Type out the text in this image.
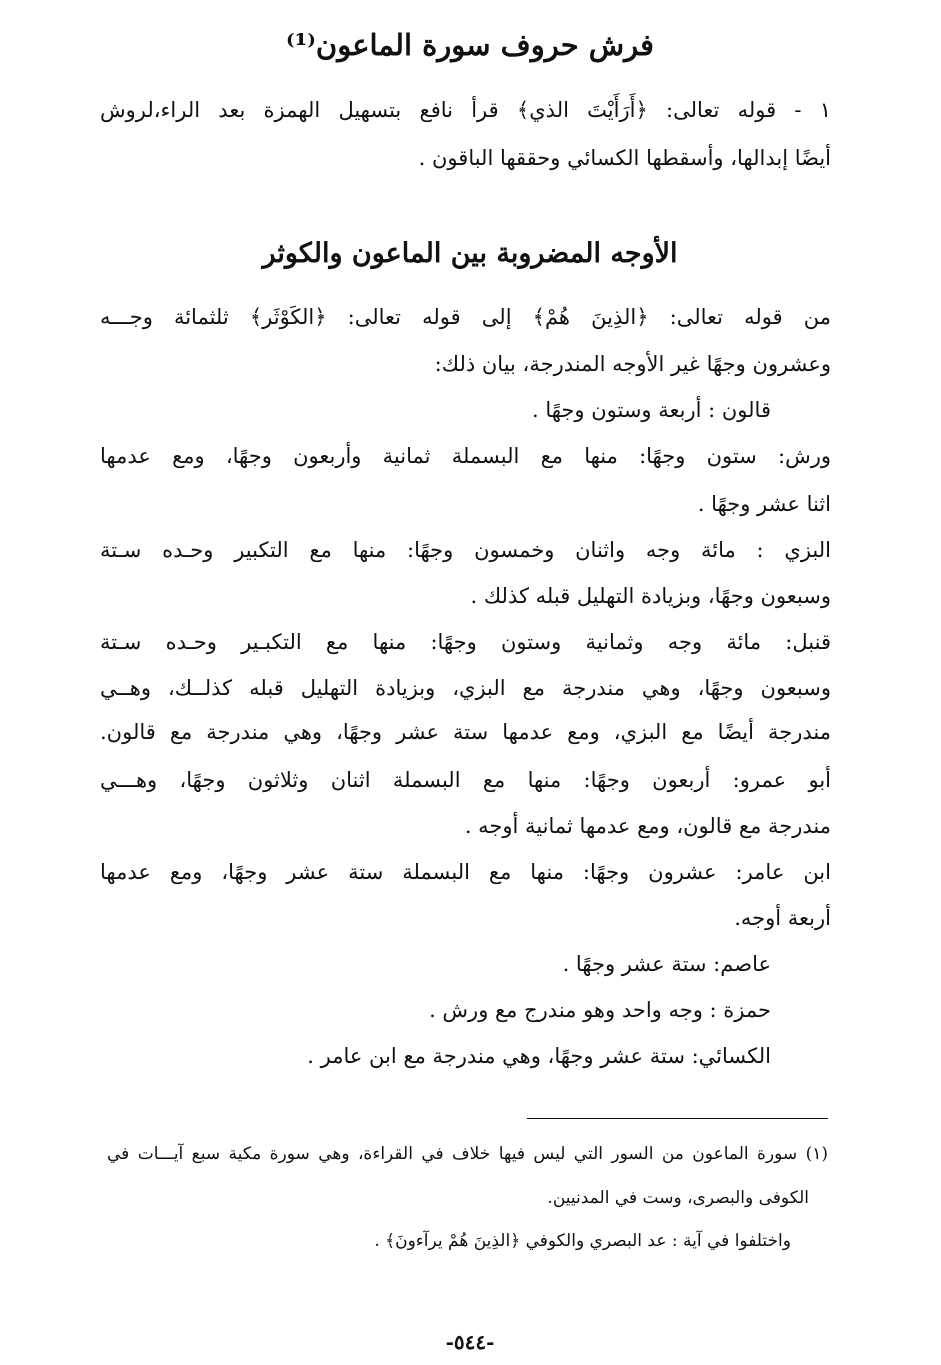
فرش حروف سورة الماعون⁽¹⁾
١ - قوله تعالى: ﴿أَرَأَيْتَ الذي﴾ قرأ نافع بتسهيل الهمزة بعد الراء،لروش
أيضًا إبدالها، وأسقطها الكسائي وحققها الباقون .
الأوجه المضروبة بين الماعون والكوثر
من قوله تعالى: ﴿الذِينَ هُمْ﴾ إلى قوله تعالى: ﴿الكَوْثَر﴾ ثلثمائة وجـــه
وعشرون وجهًا غير الأوجه المندرجة، بيان ذلك:
قالون : أربعة وستون وجهًا .
ورش: ستون وجهًا: منها مع البسملة ثمانية وأربعون وجهًا، ومع عدمها
اثنا عشر وجهًا .
البزي : مائة وجه واثنان وخمسون وجهًا: منها مع التكبير وحـده سـتة
وسبعون وجهًا، وبزيادة التهليل قبله كذلك .
قنبل: مائة وجه وثمانية وستون وجهًا: منها مع التكبـير وحـده سـتة
وسبعون وجهًا، وهي مندرجة مع البزي، وبزيادة التهليل قبله كذلــك، وهــي
مندرجة أيضًا مع البزي، ومع عدمها ستة عشر وجهًا، وهي مندرجة مع قالون.
أبو عمرو: أربعون وجهًا: منها مع البسملة اثنان وثلاثون وجهًا، وهـــي
مندرجة مع قالون، ومع عدمها ثمانية أوجه .
ابن عامر: عشرون وجهًا: منها مع البسملة ستة عشر وجهًا، ومع عدمها
أربعة أوجه.
عاصم: ستة عشر وجهًا .
حمزة : وجه واحد وهو مندرج مع ورش .
الكسائي: ستة عشر وجهًا، وهي مندرجة مع ابن عامر .
(١) سورة الماعون من السور التي ليس فيها خلاف في القراءة، وهي سورة مكية سبع آيـــات في
الكوفى والبصرى، وست في المدنيين.
واختلفوا في آية : عد البصري والكوفي ﴿الذِينَ هُمْ يرآءونَ﴾ .
-٥٤٤-
